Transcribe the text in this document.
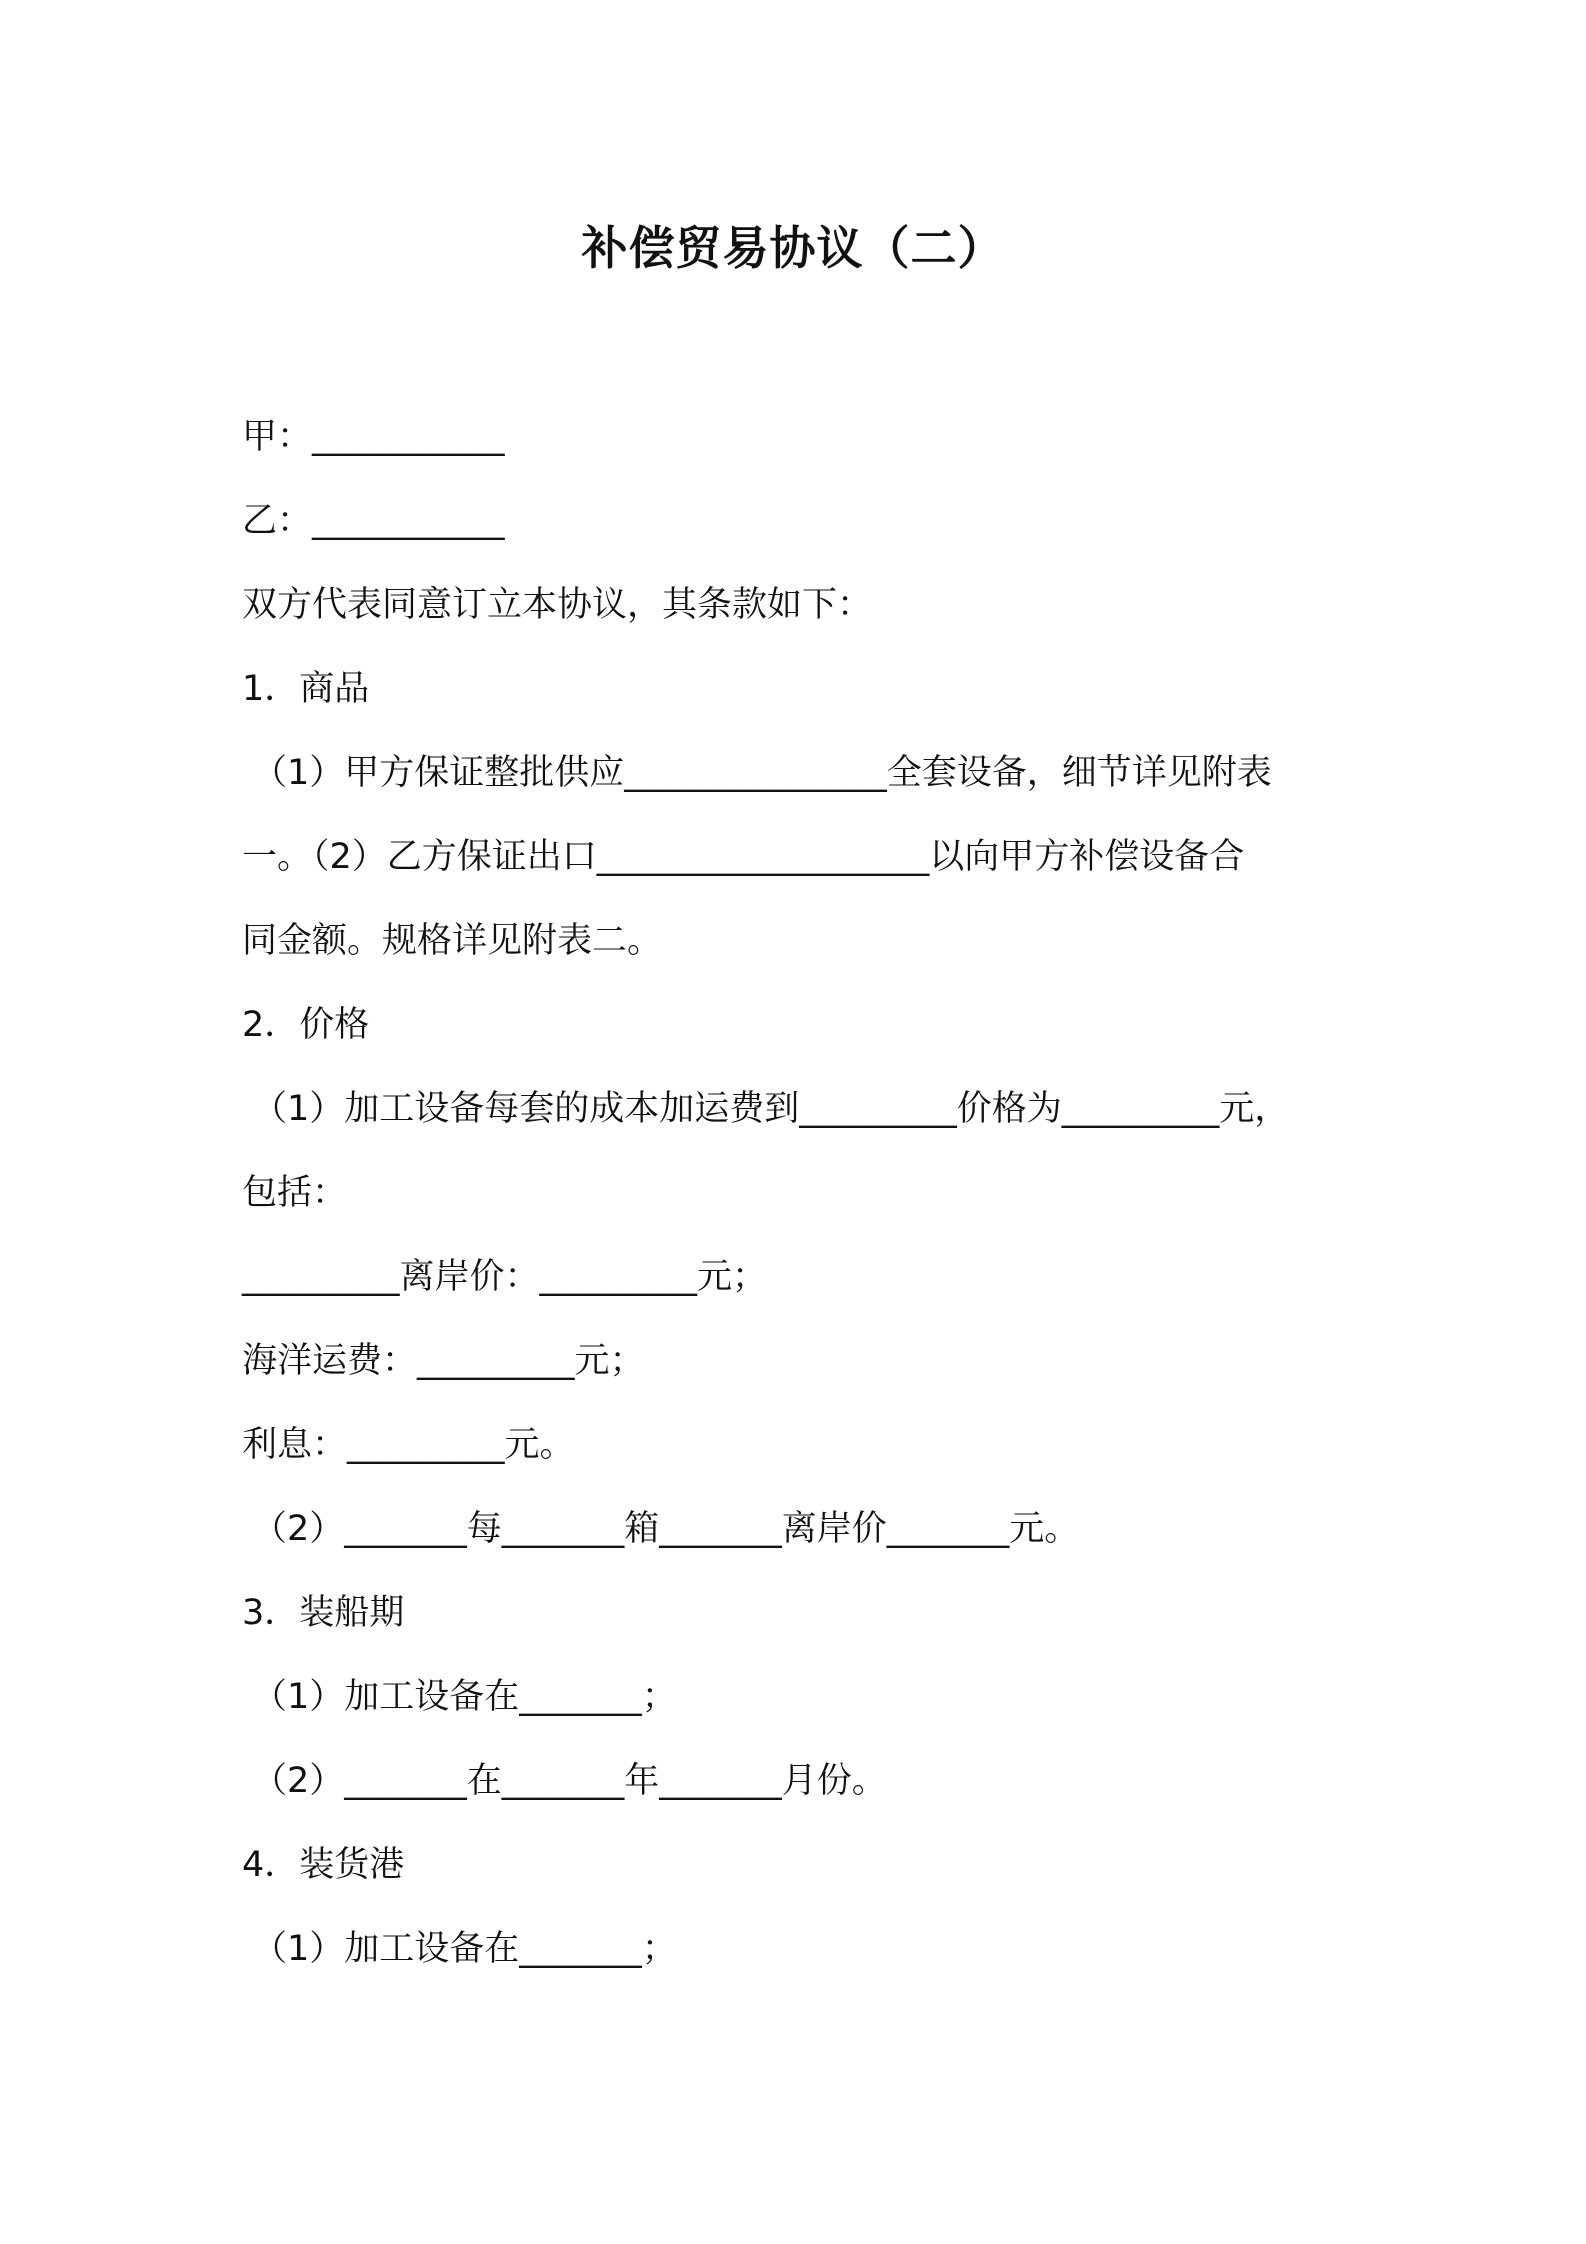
补偿贸易协议（二）
甲：___________
乙：___________
双方代表同意订立本协议，其条款如下：
1．商品
（1）甲方保证整批供应_______________全套设备，细节详见附表
一。（2）乙方保证出口___________________以向甲方补偿设备合
同金额。规格详见附表二。
2．价格
（1）加工设备每套的成本加运费到_________价格为_________元，
包括：
_________离岸价：_________元；
海洋运费：_________元；
利息：_________元。
（2）_______每_______箱_______离岸价_______元。
3．装船期
（1）加工设备在_______；
（2）_______在_______年_______月份。
4．装货港
（1）加工设备在_______；
